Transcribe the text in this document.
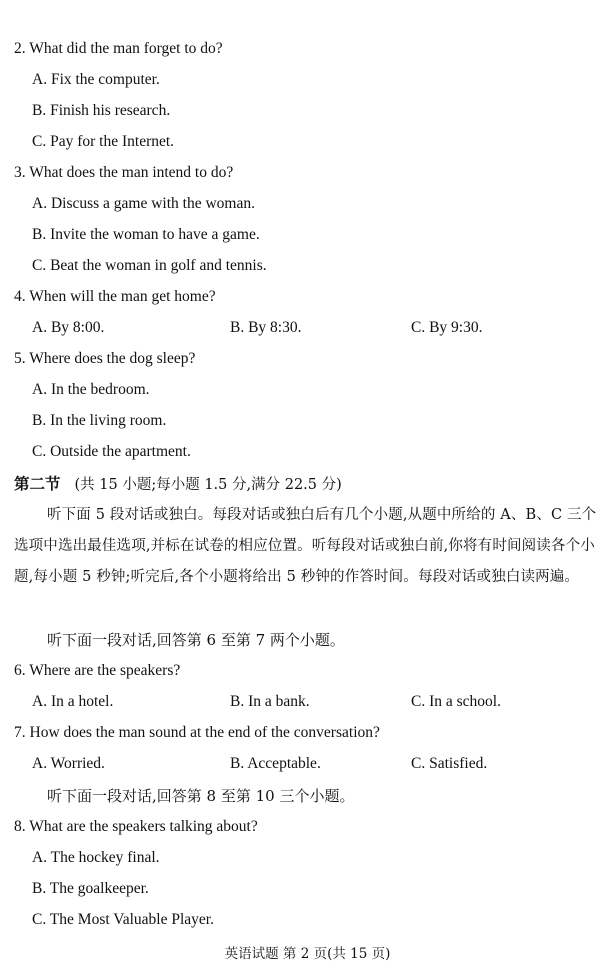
2. What did the man forget to do?
A. Fix the computer.
B. Finish his research.
C. Pay for the Internet.
3. What does the man intend to do?
A. Discuss a game with the woman.
B. Invite the woman to have a game.
C. Beat the woman in golf and tennis.
4. When will the man get home?
A. By 8:00.	B. By 8:30.	C. By 9:30.
5. Where does the dog sleep?
A. In the bedroom.
B. In the living room.
C. Outside the apartment.
第二节 (共 15 小题;每小题 1.5 分,满分 22.5 分)
听下面 5 段对话或独白。每段对话或独白后有几个小题,从题中所给的 A、B、C 三个选项中选出最佳选项,并标在试卷的相应位置。听每段对话或独白前,你将有时间阅读各个小题,每小题 5 秒钟;听完后,各个小题将给出 5 秒钟的作答时间。每段对话或独白读两遍。
听下面一段对话,回答第 6 至第 7 两个小题。
6. Where are the speakers?
A. In a hotel.	B. In a bank.	C. In a school.
7. How does the man sound at the end of the conversation?
A. Worried.	B. Acceptable.	C. Satisfied.
听下面一段对话,回答第 8 至第 10 三个小题。
8. What are the speakers talking about?
A. The hockey final.
B. The goalkeeper.
C. The Most Valuable Player.
英语试题 第 2 页(共 15 页)
